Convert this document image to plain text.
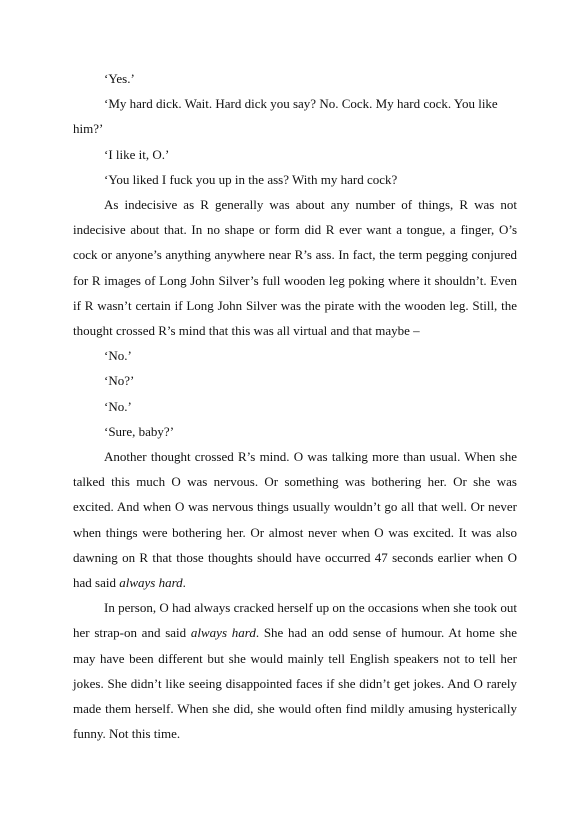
‘Yes.’

‘My hard dick. Wait. Hard dick you say? No. Cock. My hard cock. You like him?’

‘I like it, O.’

‘You liked I fuck you up in the ass? With my hard cock?

As indecisive as R generally was about any number of things, R was not indecisive about that. In no shape or form did R ever want a tongue, a finger, O’s cock or anyone’s anything anywhere near R’s ass. In fact, the term pegging conjured for R images of Long John Silver’s full wooden leg poking where it shouldn’t. Even if R wasn’t certain if Long John Silver was the pirate with the wooden leg. Still, the thought crossed R’s mind that this was all virtual and that maybe –

‘No.’

‘No?’

‘No.’

‘Sure, baby?’

Another thought crossed R’s mind. O was talking more than usual. When she talked this much O was nervous. Or something was bothering her. Or she was excited. And when O was nervous things usually wouldn’t go all that well. Or never when things were bothering her. Or almost never when O was excited. It was also dawning on R that those thoughts should have occurred 47 seconds earlier when O had said always hard.

In person, O had always cracked herself up on the occasions when she took out her strap-on and said always hard. She had an odd sense of humour. At home she may have been different but she would mainly tell English speakers not to tell her jokes. She didn’t like seeing disappointed faces if she didn’t get jokes. And O rarely made them herself. When she did, she would often find mildly amusing hysterically funny. Not this time.
